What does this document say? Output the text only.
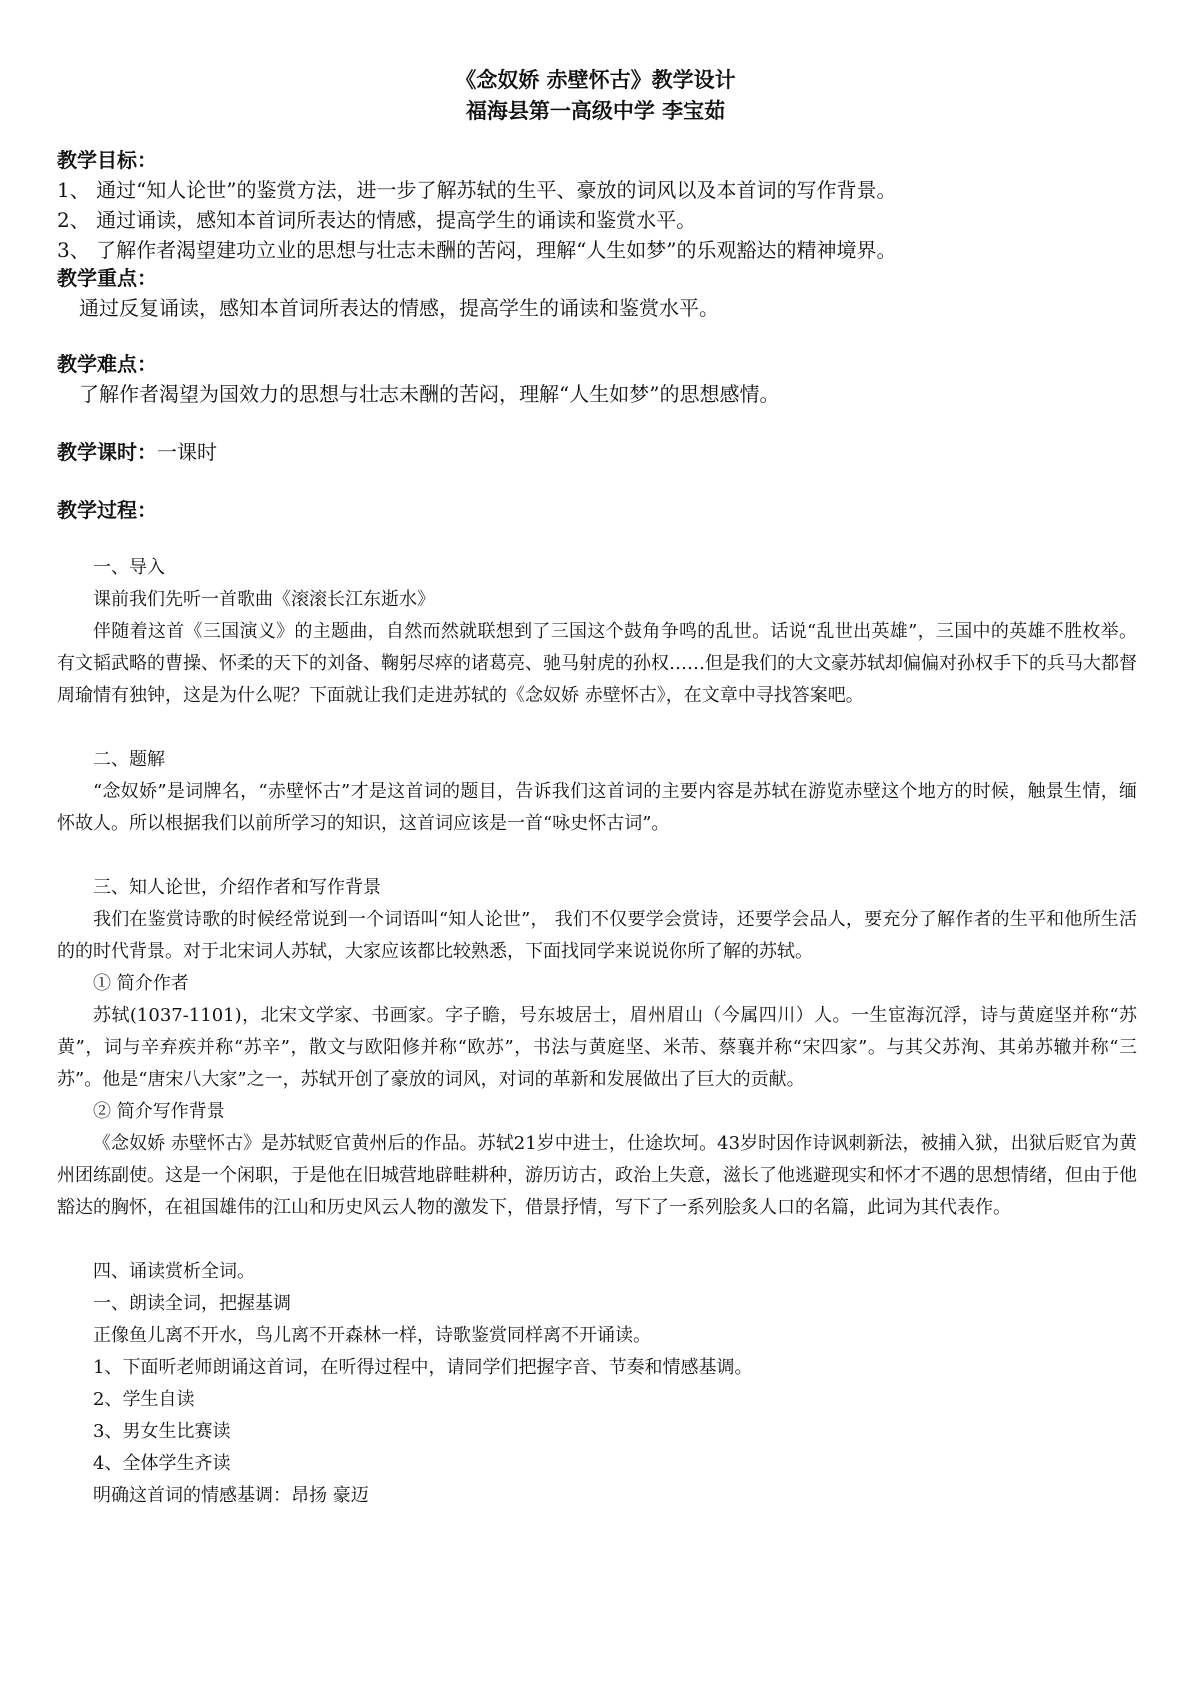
《念奴娇 赤壁怀古》教学设计
福海县第一高级中学 李宝茹
教学目标：
1、 通过“知人论世”的鉴赏方法，进一步了解苏轼的生平、豪放的词风以及本首词的写作背景。
2、 通过诵读，感知本首词所表达的情感，提高学生的诵读和鉴赏水平。
3、 了解作者渴望建功立业的思想与壮志未酬的苦闷，理解“人生如梦”的乐观豁达的精神境界。
教学重点：
通过反复诵读，感知本首词所表达的情感，提高学生的诵读和鉴赏水平。
教学难点：
了解作者渴望为国效力的思想与壮志未酬的苦闷，理解“人生如梦”的思想感情。
教学课时：一课时
教学过程：

一、导入

课前我们先听一首歌曲《滚滚长江东逝水》

伴随着这首《三国演义》的主题曲，自然而然就联想到了三国这个鼓角争鸣的乱世。话说“乱世出英雄”，三国中的英雄不胜枚举。有文韬武略的曹操、怀柔的天下的刘备、鞠躬尽瘁的诸葛亮、驰马射虎的孙权……但是我们的大文豪苏轼却偏偏对孙权手下的兵马大都督周瑜情有独钟，这是为什么呢？下面就让我们走进苏轼的《念奴娇 赤壁怀古》，在文章中寻找答案吧。

二、题解

“念奴娇”是词牌名，“赤壁怀古”才是这首词的题目，告诉我们这首词的主要内容是苏轼在游览赤壁这个地方的时候，触景生情，缅怀故人。所以根据我们以前所学习的知识，这首词应该是一首“咏史怀古词”。

三、知人论世，介绍作者和写作背景

我们在鉴赏诗歌的时候经常说到一个词语叫“知人论世”， 我们不仅要学会赏诗，还要学会品人，要充分了解作者的生平和他所生活的的时代背景。对于北宋词人苏轼，大家应该都比较熟悉，下面找同学来说说你所了解的苏轼。

① 简介作者

苏轼(1037-1101)，北宋文学家、书画家。字子瞻，号东坡居士，眉州眉山（今属四川）人。一生宦海沉浮，诗与黄庭坚并称“苏黄”，词与辛弃疾并称“苏辛”，散文与欧阳修并称“欧苏”，书法与黄庭坚、米芾、蔡襄并称“宋四家”。与其父苏洵、其弟苏辙并称“三苏”。他是“唐宋八大家”之一，苏轼开创了豪放的词风，对词的革新和发展做出了巨大的贡献。

② 简介写作背景

《念奴娇 赤壁怀古》是苏轼贬官黄州后的作品。苏轼21岁中进士，仕途坎坷。43岁时因作诗讽刺新法，被捕入狱，出狱后贬官为黄州团练副使。这是一个闲职，于是他在旧城营地辟畦耕种，游历访古，政治上失意，滋长了他逃避现实和怀才不遇的思想情绪，但由于他豁达的胸怀，在祖国雄伟的江山和历史风云人物的激发下，借景抒情，写下了一系列脍炙人口的名篇，此词为其代表作。

四、诵读赏析全词。

一、朗读全词，把握基调

正像鱼儿离不开水，鸟儿离不开森林一样，诗歌鉴赏同样离不开诵读。

1、下面听老师朗诵这首词，在听得过程中，请同学们把握字音、节奏和情感基调。

2、学生自读

3、男女生比赛读

4、全体学生齐读

明确这首词的情感基调：昂扬 豪迈
